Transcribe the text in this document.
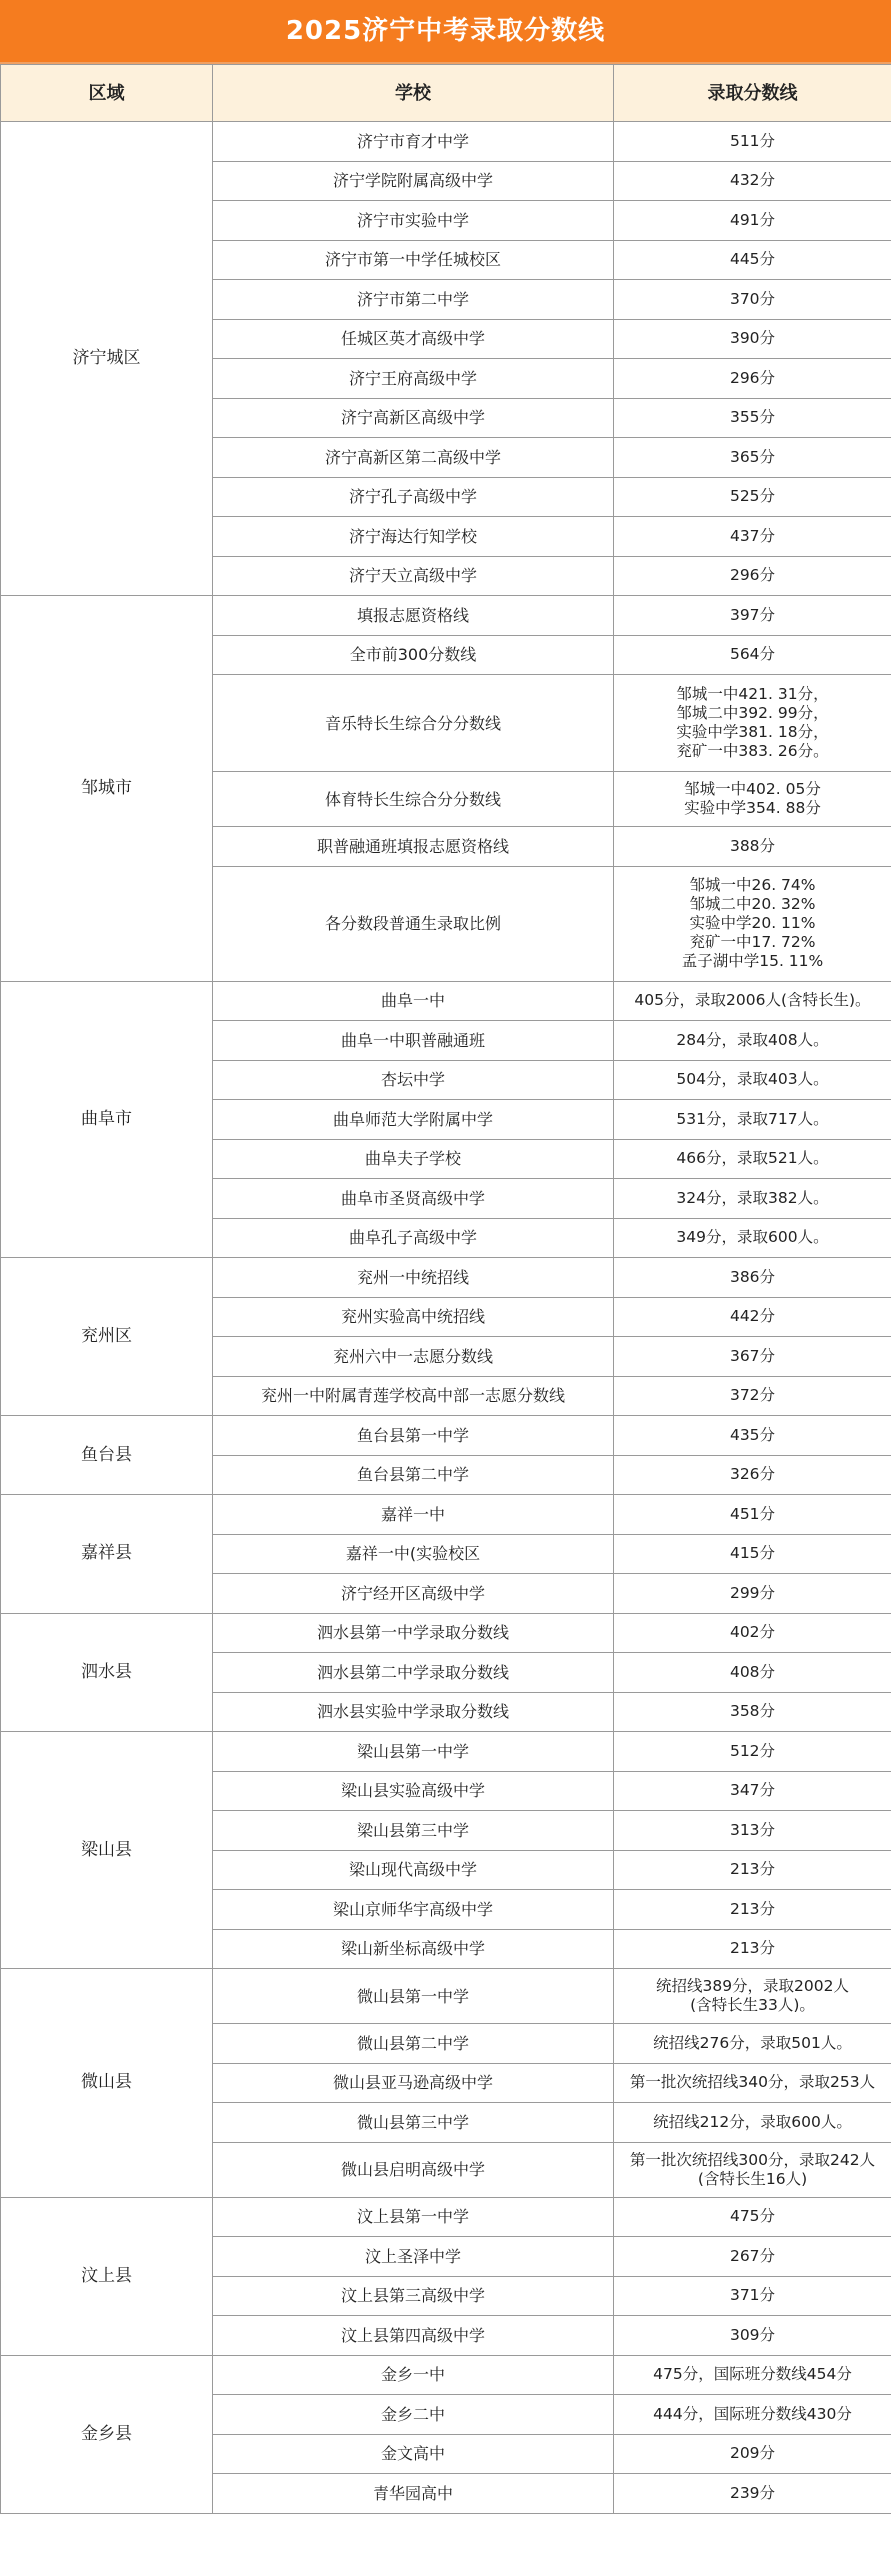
2025济宁中考录取分数线
区域	学校	录取分数线
济宁城区	济宁市育才中学	511分

	济宁学院附属高级中学	432分

	济宁市实验中学	491分

	济宁市第一中学任城校区	445分

	济宁市第二中学	370分

	任城区英才高级中学	390分

	济宁王府高级中学	296分

	济宁高新区高级中学	355分

	济宁高新区第二高级中学	365分

	济宁孔子高级中学	525分

	济宁海达行知学校	437分

	济宁天立高级中学	296分

邹城市	填报志愿资格线	397分

	全市前300分数线	564分

	音乐特长生综合分分数线	邹城一中421. 31分，
邹城二中392. 99分，
实验中学381. 18分，
兖矿一中383. 26分。

	体育特长生综合分分数线	邹城一中402. 05分
实验中学354. 88分

	职普融通班填报志愿资格线	388分

	各分数段普通生录取比例	邹城一中26. 74%
邹城二中20. 32%
实验中学20. 11%
兖矿一中17. 72%
孟子湖中学15. 11%

曲阜市	曲阜一中	405分，录取2006人(含特长生)。

	曲阜一中职普融通班	284分，录取408人。

	杏坛中学	504分，录取403人。

	曲阜师范大学附属中学	531分，录取717人。

	曲阜夫子学校	466分，录取521人。

	曲阜市圣贤高级中学	324分，录取382人。

	曲阜孔子高级中学	349分，录取600人。

兖州区	兖州一中统招线	386分

	兖州实验高中统招线	442分

	兖州六中一志愿分数线	367分

	兖州一中附属青莲学校高中部一志愿分数线	372分

鱼台县	鱼台县第一中学	435分

	鱼台县第二中学	326分

嘉祥县	嘉祥一中	451分

	嘉祥一中(实验校区	415分

	济宁经开区高级中学	299分

泗水县	泗水县第一中学录取分数线	402分

	泗水县第二中学录取分数线	408分

	泗水县实验中学录取分数线	358分

梁山县	梁山县第一中学	512分

	梁山县实验高级中学	347分

	梁山县第三中学	313分

	梁山现代高级中学	213分

	梁山京师华宇高级中学	213分

	梁山新坐标高级中学	213分

微山县	微山县第一中学	统招线389分，录取2002人
(含特长生33人)。

	微山县第二中学	统招线276分，录取501人。

	微山县亚马逊高级中学	第一批次统招线340分，录取253人

	微山县第三中学	统招线212分，录取600人。

	微山县启明高级中学	第一批次统招线300分，录取242人
(含特长生16人)

汶上县	汶上县第一中学	475分

	汶上圣泽中学	267分

	汶上县第三高级中学	371分

	汶上县第四高级中学	309分

金乡县	金乡一中	475分，国际班分数线454分

	金乡二中	444分，国际班分数线430分

	金文高中	209分

	青华园高中	239分
